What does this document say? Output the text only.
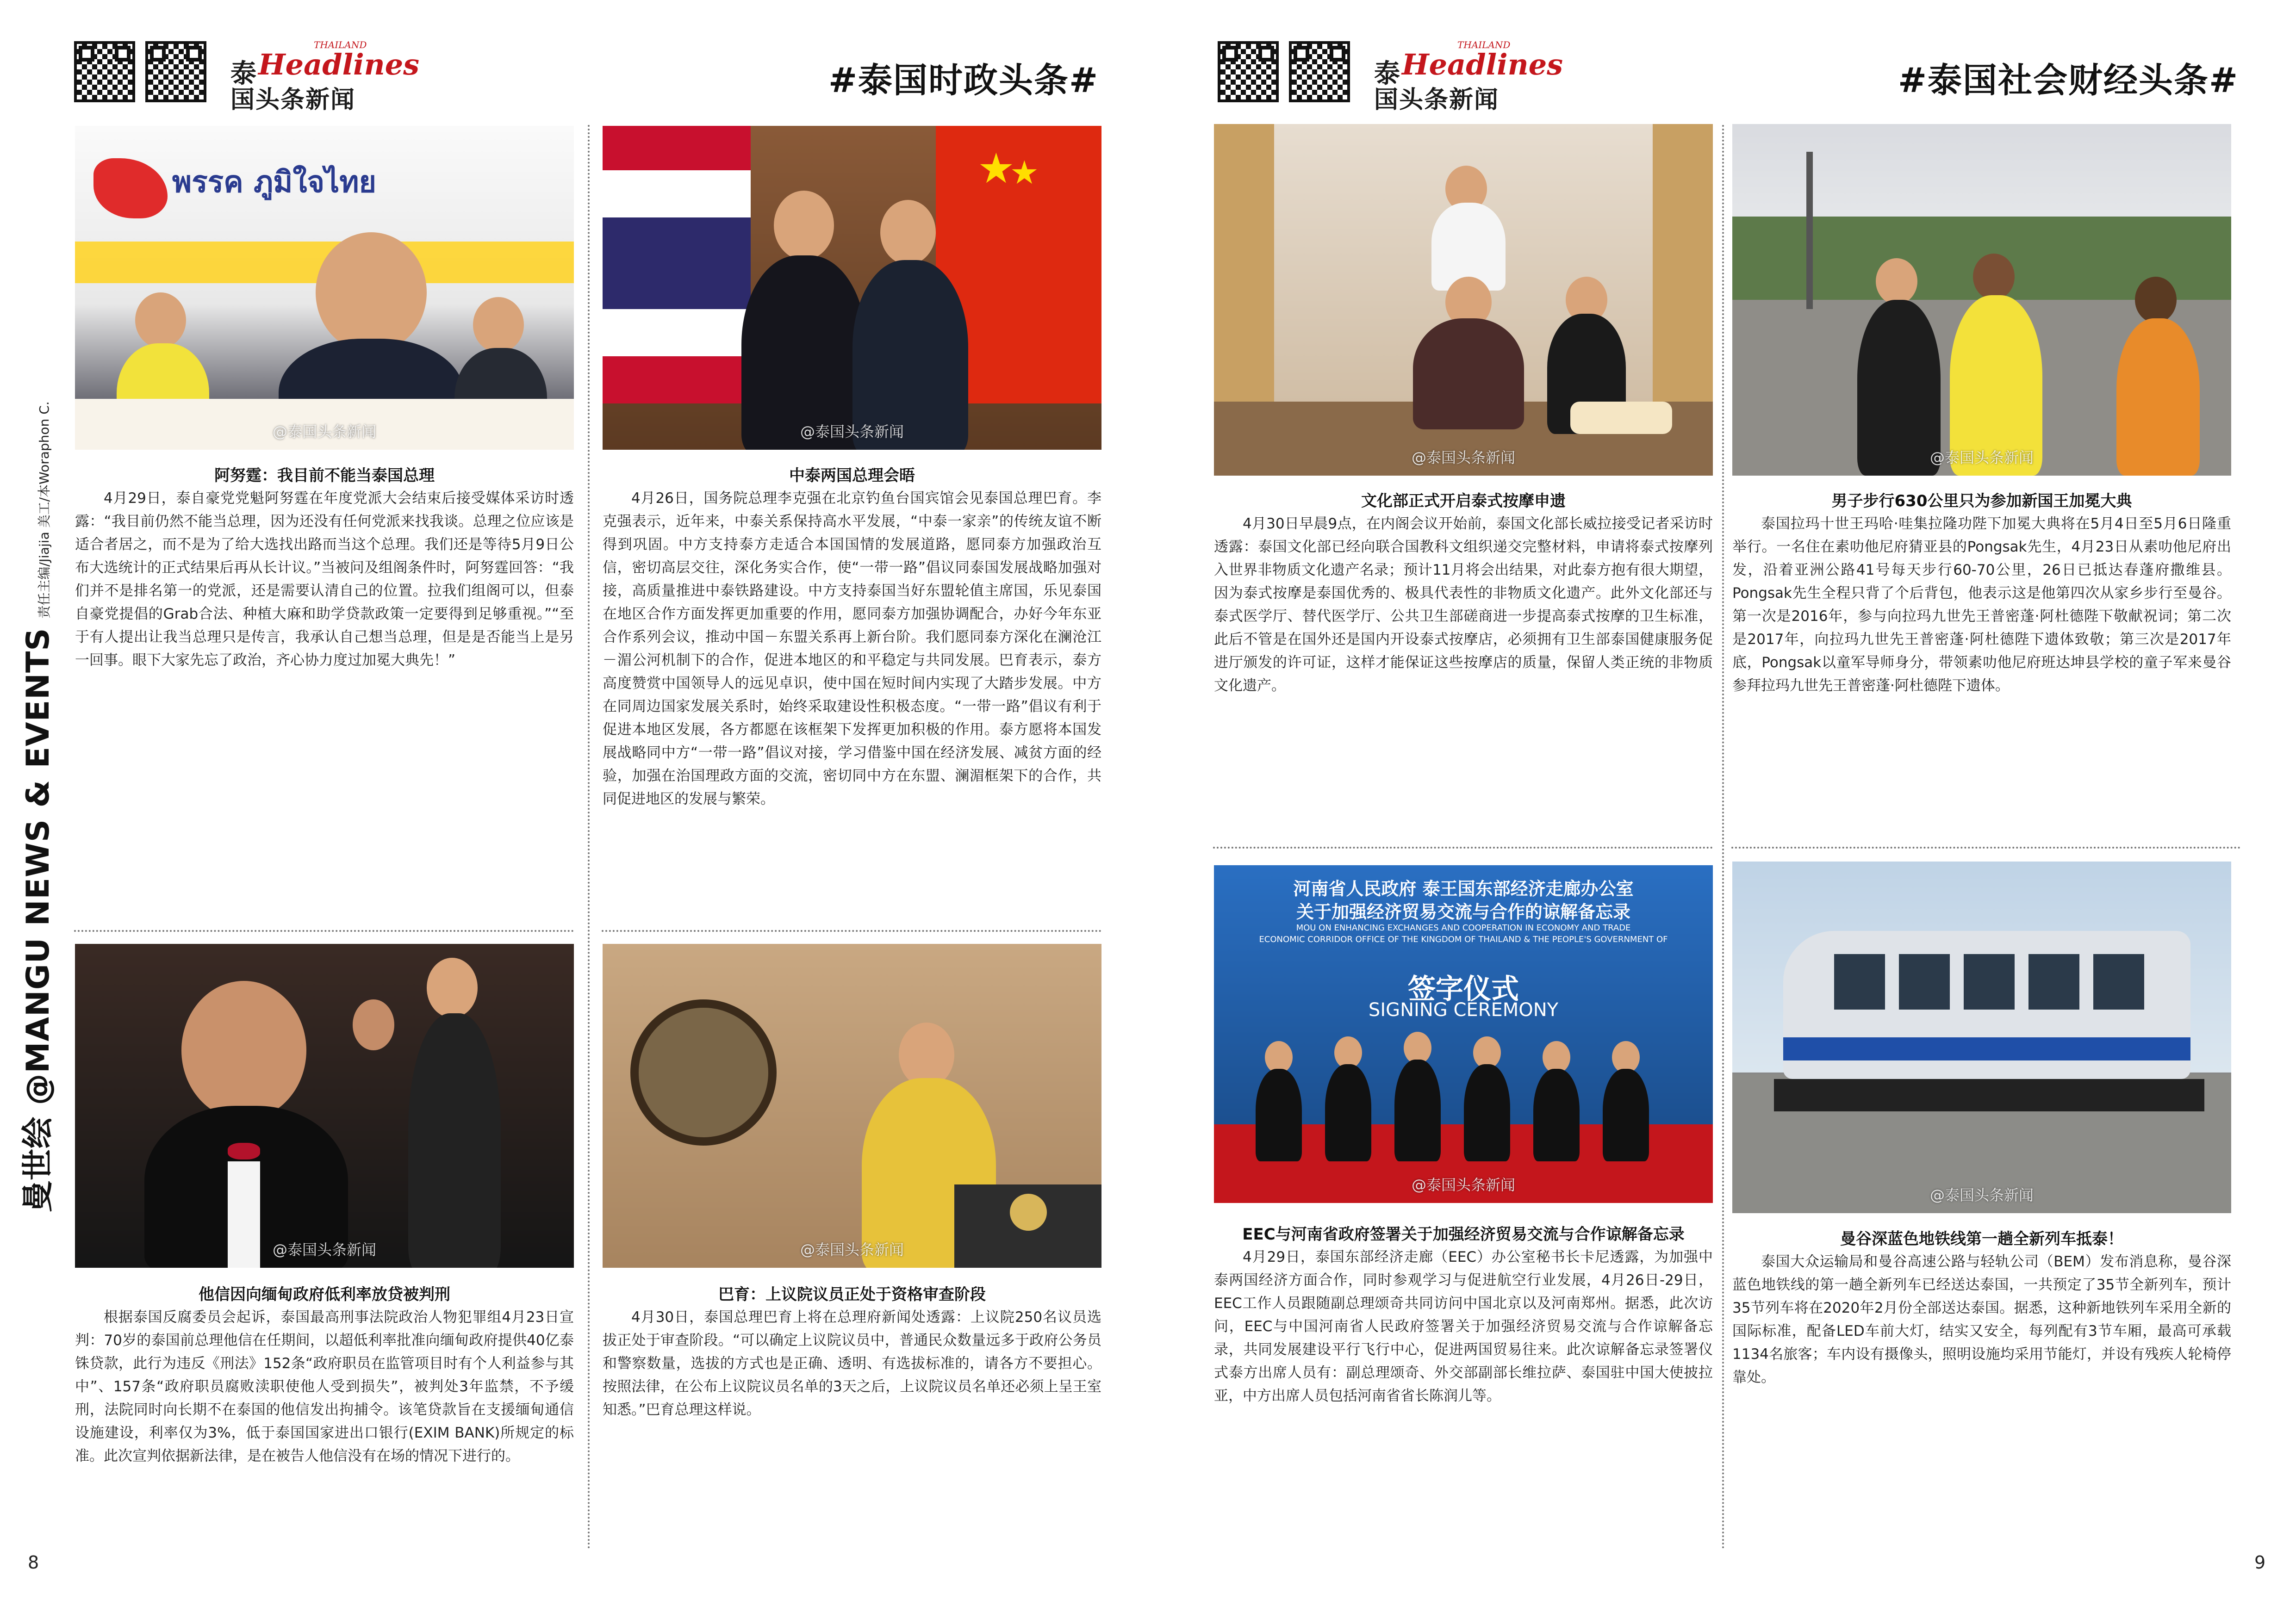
泰 Headlines
THAILAND
国头条新闻	#泰国时政头条#
曼世绘 @MANGU NEWS & EVENTS
责任主编/Jiajia 美工/本Woraphon C.
พรรค ภูมิใจไทย
@泰国头条新闻
阿努霆：我目前不能当泰国总理

4月29日，泰自豪党党魁阿努霆在年度党派大会结束后接受媒体采访时透露：“我目前仍然不能当总理，因为还没有任何党派来找我谈。总理之位应该是适合者居之，而不是为了给大选找出路而当这个总理。我们还是等待5月9日公布大选统计的正式结果后再从长计议。”当被问及组阁条件时，阿努霆回答：“我们并不是排名第一的党派，还是需要认清自己的位置。拉我们组阁可以，但泰自豪党提倡的Grab合法、种植大麻和助学贷款政策一定要得到足够重视。”“至于有人提出让我当总理只是传言，我承认自己想当总理，但是是否能当上是另一回事。眼下大家先忘了政治，齐心协力度过加冕大典先！”

★
★
@泰国头条新闻
中泰两国总理会晤

4月26日，国务院总理李克强在北京钓鱼台国宾馆会见泰国总理巴育。李克强表示，近年来，中泰关系保持高水平发展，“中泰一家亲”的传统友谊不断得到巩固。中方支持泰方走适合本国国情的发展道路，愿同泰方加强政治互信，密切高层交往，深化务实合作，使“一带一路”倡议同泰国发展战略加强对接，高质量推进中泰铁路建设。中方支持泰国当好东盟轮值主席国，乐见泰国在地区合作方面发挥更加重要的作用，愿同泰方加强协调配合，办好今年东亚合作系列会议，推动中国－东盟关系再上新台阶。我们愿同泰方深化在澜沧江－湄公河机制下的合作，促进本地区的和平稳定与共同发展。巴育表示，泰方高度赞赏中国领导人的远见卓识，使中国在短时间内实现了大踏步发展。中方在同周边国家发展关系时，始终采取建设性积极态度。“一带一路”倡议有利于促进本地区发展，各方都愿在该框架下发挥更加积极的作用。泰方愿将本国发展战略同中方“一带一路”倡议对接，学习借鉴中国在经济发展、减贫方面的经验，加强在治国理政方面的交流，密切同中方在东盟、澜湄框架下的合作，共同促进地区的发展与繁荣。

@泰国头条新闻
他信因向缅甸政府低利率放贷被判刑

根据泰国反腐委员会起诉，泰国最高刑事法院政治人物犯罪组4月23日宣判：70岁的泰国前总理他信在任期间，以超低利率批准向缅甸政府提供40亿泰铢贷款，此行为违反《刑法》152条“政府职员在监管项目时有个人利益参与其中”、157条“政府职员腐败渎职使他人受到损失”，被判处3年监禁，不予缓刑，法院同时向长期不在泰国的他信发出拘捕令。该笔贷款旨在支援缅甸通信设施建设，利率仅为3%，低于泰国国家进出口银行(EXIM BANK)所规定的标准。此次宣判依据新法律，是在被告人他信没有在场的情况下进行的。

@泰国头条新闻
巴育：上议院议员正处于资格审查阶段

4月30日，泰国总理巴育上将在总理府新闻处透露：上议院250名议员选拔正处于审查阶段。“可以确定上议院议员中，普通民众数量远多于政府公务员和警察数量，选拔的方式也是正确、透明、有选拔标准的，请各方不要担心。按照法律，在公布上议院议员名单的3天之后，上议院议员名单还必须上呈王室知悉。”巴育总理这样说。

8
泰 Headlines
THAILAND
国头条新闻	#泰国社会财经头条#
@泰国头条新闻
文化部正式开启泰式按摩申遗

4月30日早晨9点，在内阁会议开始前，泰国文化部长威拉接受记者采访时透露：泰国文化部已经向联合国教科文组织递交完整材料，申请将泰式按摩列入世界非物质文化遗产名录；预计11月将会出结果，对此泰方抱有很大期望，因为泰式按摩是泰国优秀的、极具代表性的非物质文化遗产。此外文化部还与泰式医学厅、替代医学厅、公共卫生部磋商进一步提高泰式按摩的卫生标准，此后不管是在国外还是国内开设泰式按摩店，必须拥有卫生部泰国健康服务促进厅颁发的许可证，这样才能保证这些按摩店的质量，保留人类正统的非物质文化遗产。

@泰国头条新闻
男子步行630公里只为参加新国王加冕大典

泰国拉玛十世王玛哈·哇集拉隆功陛下加冕大典将在5月4日至5月6日隆重举行。一名住在素叻他尼府猜亚县的Pongsak先生，4月23日从素叻他尼府出发，沿着亚洲公路41号每天步行60-70公里，26日已抵达春蓬府撒维县。Pongsak先生全程只背了个后背包，他表示这是他第四次从家乡步行至曼谷。第一次是2016年，参与向拉玛九世先王普密蓬·阿杜德陛下敬献祝词；第二次是2017年，向拉玛九世先王普密蓬·阿杜德陛下遗体致敬；第三次是2017年底，Pongsak以童军导师身分，带领素叻他尼府班达坤县学校的童子军来曼谷参拜拉玛九世先王普密蓬·阿杜德陛下遗体。

河南省人民政府 泰王国东部经济走廊办公室
关于加强经济贸易交流与合作的谅解备忘录
MOU ON ENHANCING EXCHANGES AND COOPERATION IN ECONOMY AND TRADE
ECONOMIC CORRIDOR OFFICE OF THE KINGDOM OF THAILAND & THE PEOPLE'S GOVERNMENT OF
签字仪式
SIGNING CEREMONY
@泰国头条新闻
EEC与河南省政府签署关于加强经济贸易交流与合作谅解备忘录

4月29日，泰国东部经济走廊（EEC）办公室秘书长卡尼透露，为加强中泰两国经济方面合作，同时参观学习与促进航空行业发展，4月26日-29日，EEC工作人员跟随副总理颂奇共同访问中国北京以及河南郑州。据悉，此次访问，EEC与中国河南省人民政府签署关于加强经济贸易交流与合作谅解备忘录，共同发展建设平行飞行中心，促进两国贸易往来。此次谅解备忘录签署仪式泰方出席人员有：副总理颂奇、外交部副部长维拉萨、泰国驻中国大使披拉亚，中方出席人员包括河南省省长陈润儿等。

@泰国头条新闻
曼谷深蓝色地铁线第一趟全新列车抵泰！

泰国大众运输局和曼谷高速公路与轻轨公司（BEM）发布消息称，曼谷深蓝色地铁线的第一趟全新列车已经送达泰国，一共预定了35节全新列车，预计35节列车将在2020年2月份全部送达泰国。据悉，这种新地铁列车采用全新的国际标准，配备LED车前大灯，结实又安全，每列配有3节车厢，最高可承载1134名旅客；车内设有摄像头，照明设施均采用节能灯，并设有残疾人轮椅停靠处。

9
